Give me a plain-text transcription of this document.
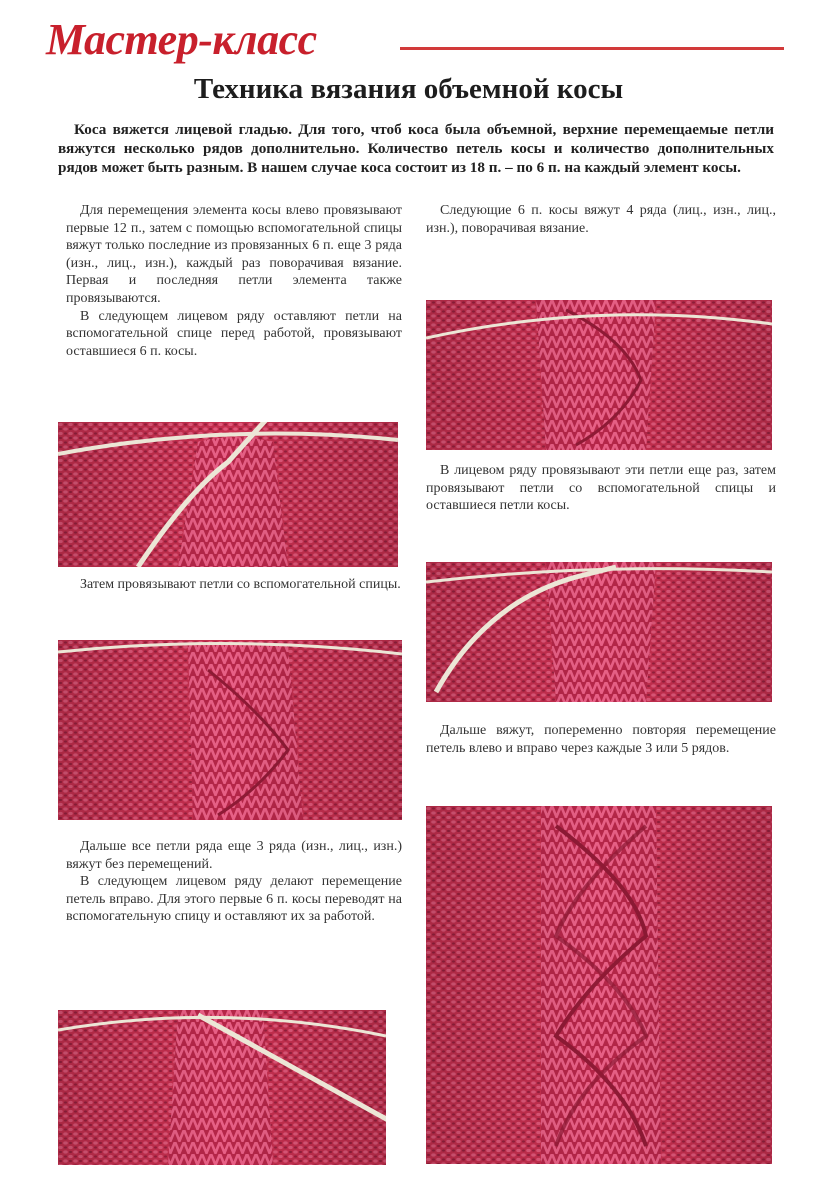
Мастер-класс
Техника вязания объемной косы
Коса вяжется лицевой гладью. Для того, чтоб коса была объемной, верхние перемещаемые петли вяжутся несколько рядов дополнительно. Количество петель косы и количество дополнительных рядов может быть разным. В нашем случае коса состоит из 18 п. – по 6 п. на каждый элемент косы.

Для перемещения элемента косы влево провязывают первые 12 п., затем с помощью вспомогательной спицы вяжут только последние из провязанных 6 п. еще 3 ряда (изн., лиц., изн.), каждый раз поворачивая вязание. Первая и последняя петли элемента также провязываются.

В следующем лицевом ряду оставляют петли на вспомогательной спице перед работой, провязывают оставшиеся 6 п. косы.

Затем провязывают петли со вспомогательной спицы.

Дальше все петли ряда еще 3 ряда (изн., лиц., изн.) вяжут без перемещений.

В следующем лицевом ряду делают перемещение петель вправо. Для этого первые 6 п. косы переводят на вспомогательную спицу и оставляют их за работой.

Следующие 6 п. косы вяжут 4 ряда (лиц., изн., лиц., изн.), поворачивая вязание.

В лицевом ряду провязывают эти петли еще раз, затем провязывают петли со вспомогательной спицы и оставшиеся петли косы.

Дальше вяжут, попеременно повторяя перемещение петель влево и вправо через каждые 3 или 5 рядов.
